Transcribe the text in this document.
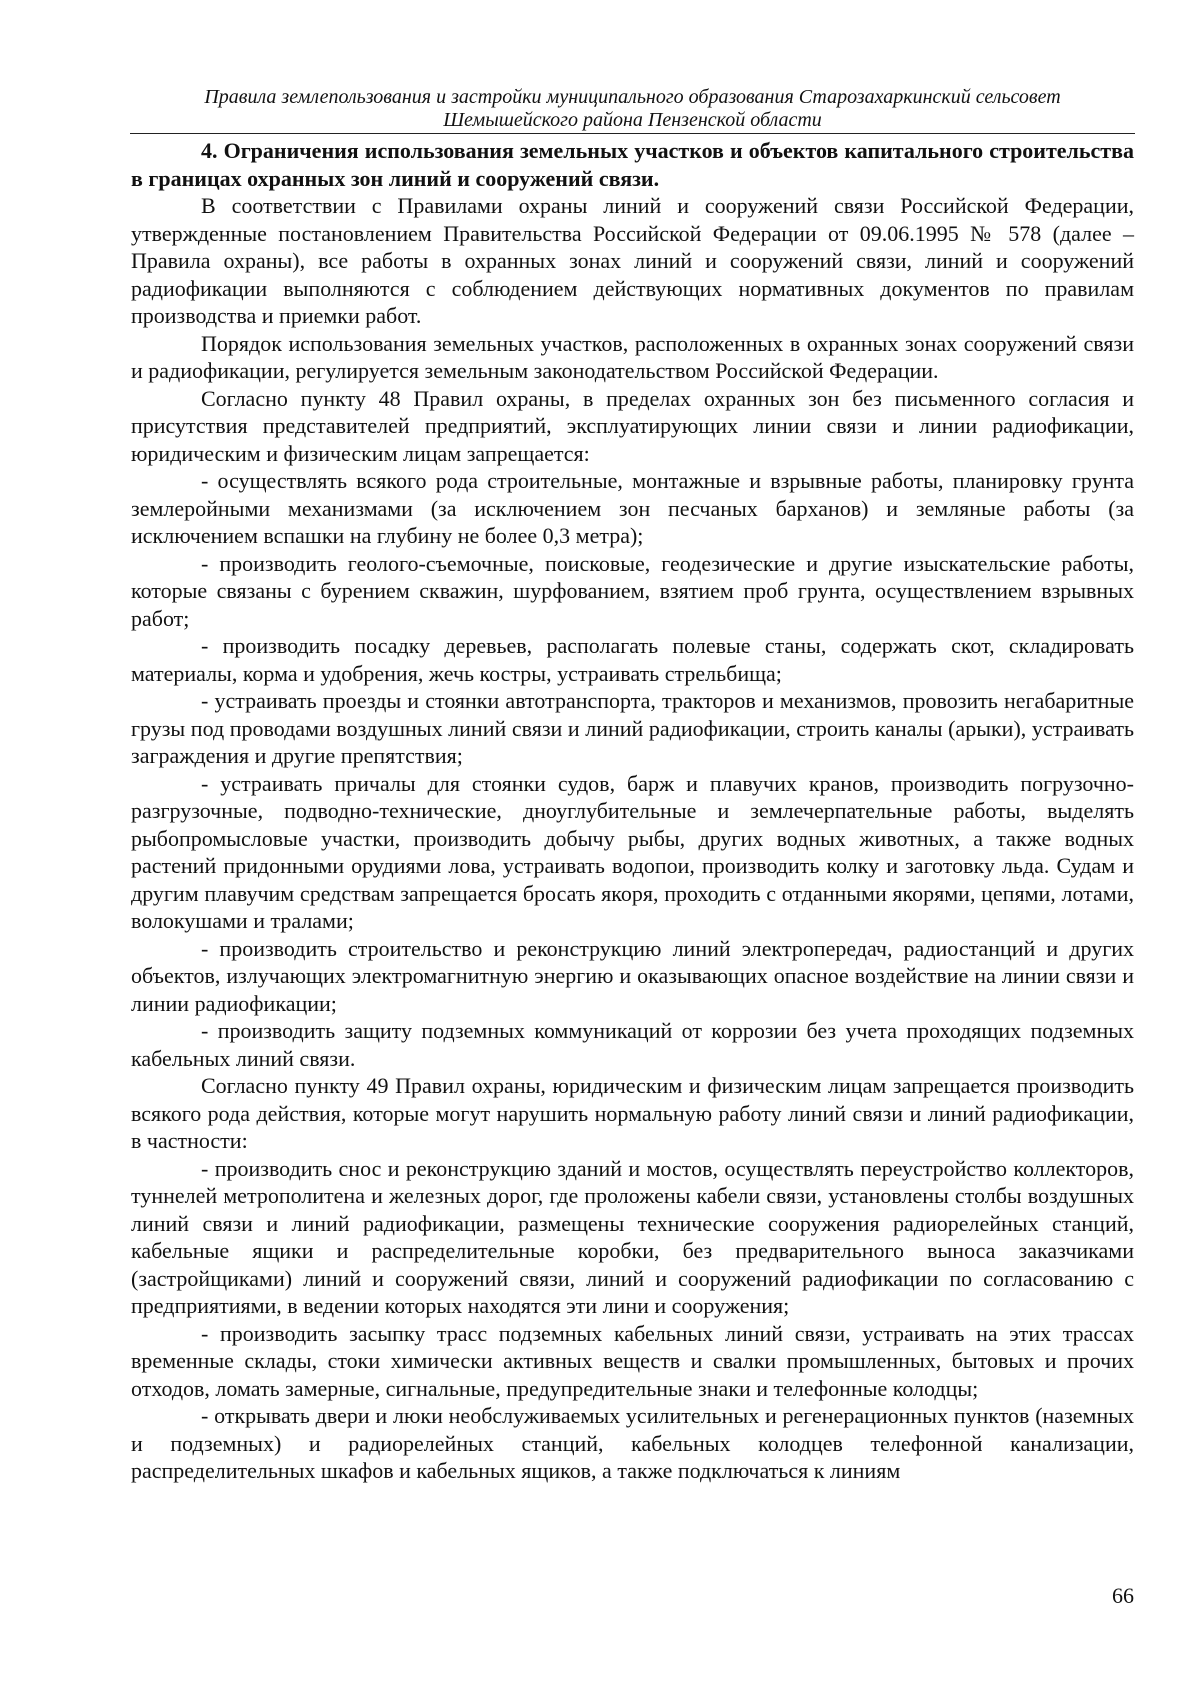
Правила землепользования и застройки муниципального образования Старозахаркинский сельсовет
Шемышейского района Пензенской области

4. Ограничения использования земельных участков и объектов капитального строительства в границах охранных зон линий и сооружений связи.

В соответствии с Правилами охраны линий и сооружений связи Российской Федерации, утвержденные постановлением Правительства Российской Федерации от 09.06.1995 № 578 (далее – Правила охраны), все работы в охранных зонах линий и сооружений связи, линий и сооружений радиофикации выполняются с соблюдением действующих нормативных документов по правилам производства и приемки работ.

Порядок использования земельных участков, расположенных в охранных зонах сооружений связи и радиофикации, регулируется земельным законодательством Российской Федерации.

Согласно пункту 48 Правил охраны, в пределах охранных зон без письменного согласия и присутствия представителей предприятий, эксплуатирующих линии связи и линии радиофикации, юридическим и физическим лицам запрещается:

- осуществлять всякого рода строительные, монтажные и взрывные работы, планировку грунта землеройными механизмами (за исключением зон песчаных барханов) и земляные работы (за исключением вспашки на глубину не более 0,3 метра);

- производить геолого-съемочные, поисковые, геодезические и другие изыскательские работы, которые связаны с бурением скважин, шурфованием, взятием проб грунта, осуществлением взрывных работ;

- производить посадку деревьев, располагать полевые станы, содержать скот, складировать материалы, корма и удобрения, жечь костры, устраивать стрельбища;

- устраивать проезды и стоянки автотранспорта, тракторов и механизмов, провозить негабаритные грузы под проводами воздушных линий связи и линий радиофикации, строить каналы (арыки), устраивать заграждения и другие препятствия;

- устраивать причалы для стоянки судов, барж и плавучих кранов, производить погрузочно-разгрузочные, подводно-технические, дноуглубительные и землечерпательные работы, выделять рыбопромысловые участки, производить добычу рыбы, других водных животных, а также водных растений придонными орудиями лова, устраивать водопои, производить колку и заготовку льда. Судам и другим плавучим средствам запрещается бросать якоря, проходить с отданными якорями, цепями, лотами, волокушами и тралами;

- производить строительство и реконструкцию линий электропередач, радиостанций и других объектов, излучающих электромагнитную энергию и оказывающих опасное воздействие на линии связи и линии радиофикации;

- производить защиту подземных коммуникаций от коррозии без учета проходящих подземных кабельных линий связи.

Согласно пункту 49 Правил охраны, юридическим и физическим лицам запрещается производить всякого рода действия, которые могут нарушить нормальную работу линий связи и линий радиофикации, в частности:

- производить снос и реконструкцию зданий и мостов, осуществлять переустройство коллекторов, туннелей метрополитена и железных дорог, где проложены кабели связи, установлены столбы воздушных линий связи и линий радиофикации, размещены технические сооружения радиорелейных станций, кабельные ящики и распределительные коробки, без предварительного выноса заказчиками (застройщиками) линий и сооружений связи, линий и сооружений радиофикации по согласованию с предприятиями, в ведении которых находятся эти лини и сооружения;

- производить засыпку трасс подземных кабельных линий связи, устраивать на этих трассах временные склады, стоки химически активных веществ и свалки промышленных, бытовых и прочих отходов, ломать замерные, сигнальные, предупредительные знаки и телефонные колодцы;

- открывать двери и люки необслуживаемых усилительных и регенерационных пунктов (наземных и подземных) и радиорелейных станций, кабельных колодцев телефонной канализации, распределительных шкафов и кабельных ящиков, а также подключаться к линиям

66
